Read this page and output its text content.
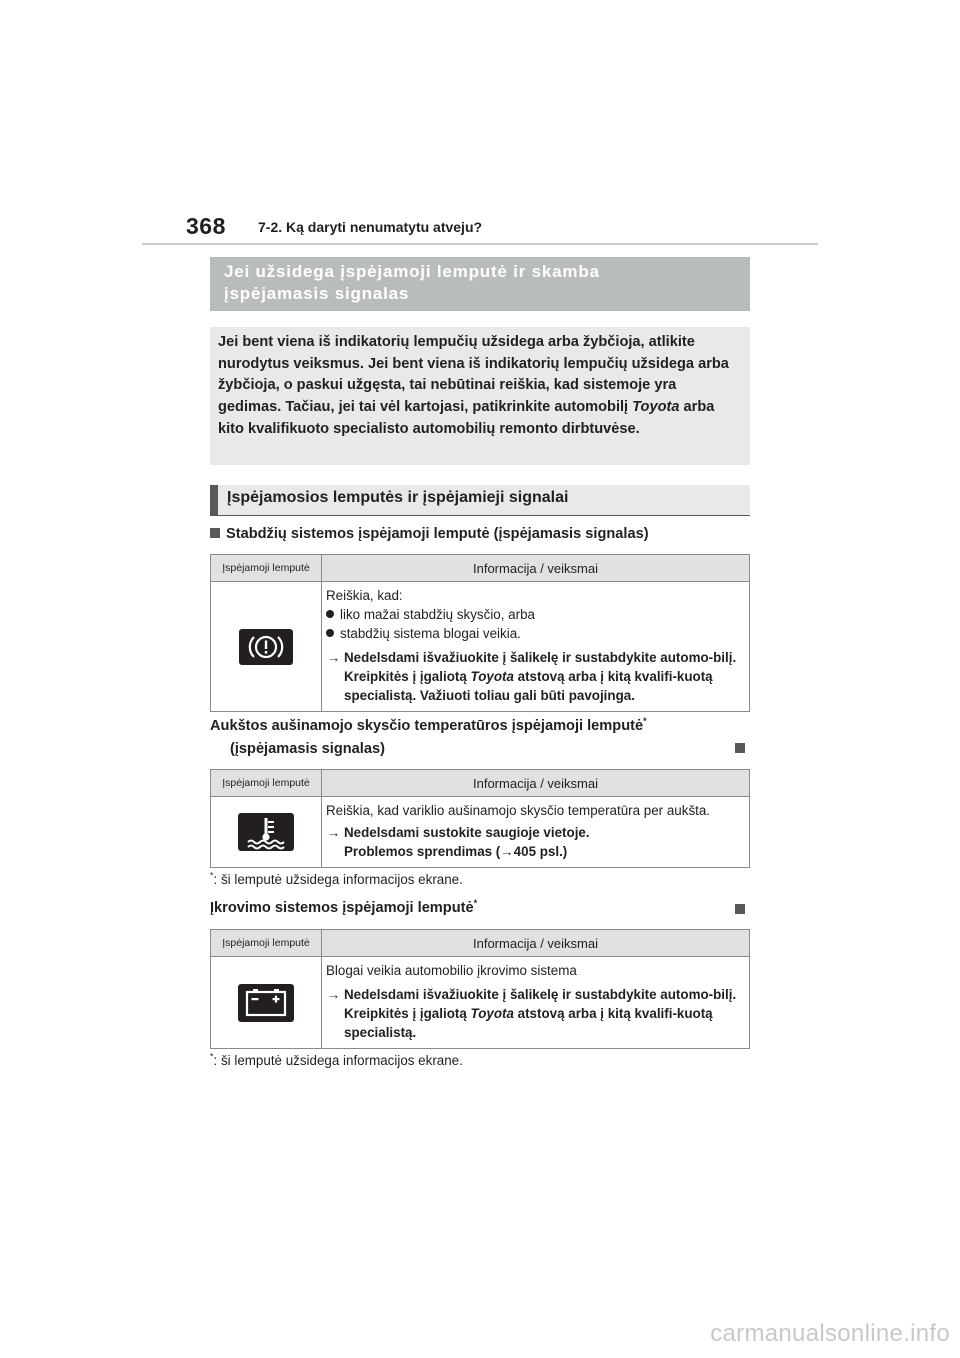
368 7-2. Ką daryti nenumatytu atveju?
Jei užsidega įspėjamoji lemputė ir skamba
įspėjamasis signalas
Jei bent viena iš indikatorių lempučių užsidega arba žybčioja, atlikite nurodytus veiksmus. Jei bent viena iš indikatorių lempučių užsidega arba žybčioja, o paskui užgęsta, tai nebūtinai reiškia, kad sistemoje yra gedimas. Tačiau, jei tai vėl kartojasi, patikrinkite automobilį Toyota arba kito kvalifikuoto specialisto automobilių remonto dirbtuvėse.
Įspėjamosios lemputės ir įspėjamieji signalai
Stabdžių sistemos įspėjamoji lemputė (įspėjamasis signalas)
Įspėjamoji lemputė	Informacija / veiksmai

Reiškia, kad:
liko mažai stabdžių skysčio, arba
stabdžių sistema blogai veikia.
→ Nedelsdami išvažiuokite į šalikelę ir sustabdykite automo-bilį. Kreipkitės į įgaliotą Toyota atstovą arba į kitą kvalifi-kuotą specialistą. Važiuoti toliau gali būti pavojinga.
Aukštos aušinamojo skysčio temperatūros įspėjamoji lemputė*
(įspėjamasis signalas)
Įspėjamoji lemputė	Informacija / veiksmai

Reiškia, kad variklio aušinamojo skysčio temperatūra per aukšta.
→ Nedelsdami sustokite saugioje vietoje.
Problemos sprendimas (→405 psl.)
*: ši lemputė užsidega informacijos ekrane.
Įkrovimo sistemos įspėjamoji lemputė*
Įspėjamoji lemputė	Informacija / veiksmai

Blogai veikia automobilio įkrovimo sistema
→ Nedelsdami išvažiuokite į šalikelę ir sustabdykite automo-bilį. Kreipkitės į įgaliotą Toyota atstovą arba į kitą kvalifi-kuotą specialistą.
*: ši lemputė užsidega informacijos ekrane.
carmanualsonline.info
